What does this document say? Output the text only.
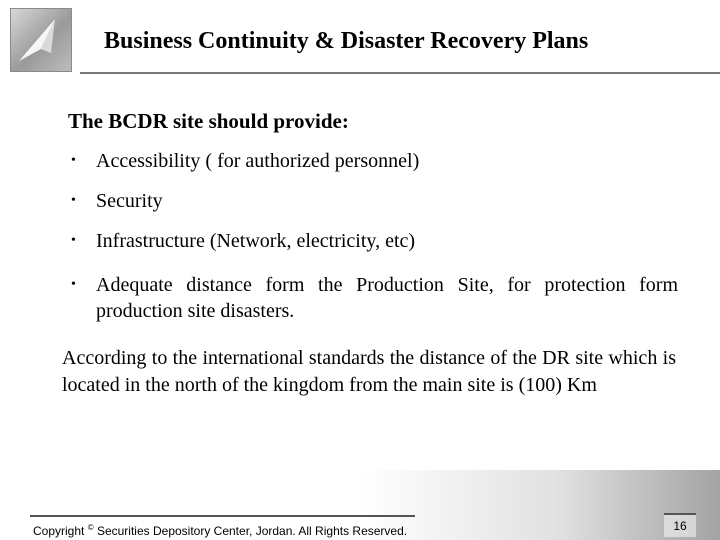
Business Continuity & Disaster Recovery Plans
The BCDR site should provide:
• Accessibility ( for authorized personnel)
• Security
• Infrastructure (Network, electricity, etc)
• Adequate distance form the Production Site, for protection form production site disasters.
According to the international standards the distance of the DR site which is located in the north of the kingdom from the main site is (100) Km
Copyright © Securities Depository Center, Jordan. All Rights Reserved.	16
